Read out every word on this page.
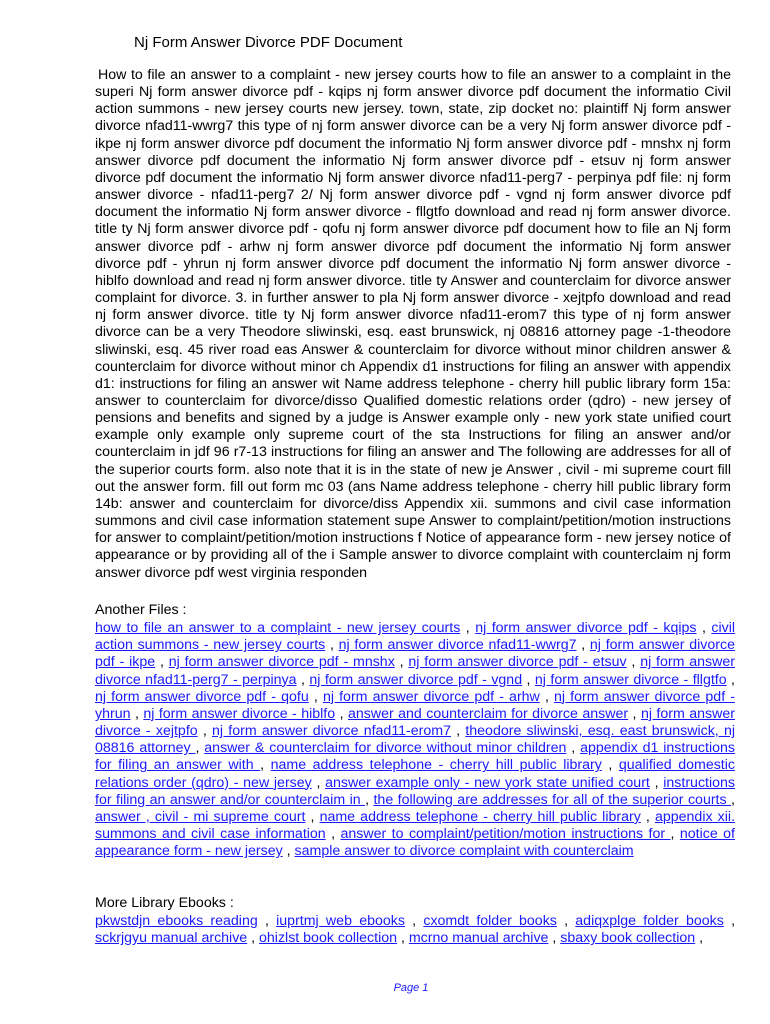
Nj Form Answer Divorce PDF Document
How to file an answer to a complaint - new jersey courts how to file an answer to a complaint in the superi Nj form answer divorce pdf - kqips nj form answer divorce pdf document the informatio Civil action summons - new jersey courts new jersey. town, state, zip docket no: plaintiff Nj form answer divorce nfad11-wwrg7 this type of nj form answer divorce can be a very Nj form answer divorce pdf - ikpe nj form answer divorce pdf document the informatio Nj form answer divorce pdf - mnshx nj form answer divorce pdf document the informatio Nj form answer divorce pdf - etsuv nj form answer divorce pdf document the informatio Nj form answer divorce nfad11-perg7 - perpinya pdf file: nj form answer divorce - nfad11-perg7 2/ Nj form answer divorce pdf - vgnd nj form answer divorce pdf document the informatio Nj form answer divorce - fllgtfo download and read nj form answer divorce. title ty Nj form answer divorce pdf - qofu nj form answer divorce pdf document how to file an Nj form answer divorce pdf - arhw nj form answer divorce pdf document the informatio Nj form answer divorce pdf - yhrun nj form answer divorce pdf document the informatio Nj form answer divorce - hiblfo download and read nj form answer divorce. title ty Answer and counterclaim for divorce answer complaint for divorce. 3. in further answer to pla Nj form answer divorce - xejtpfo download and read nj form answer divorce. title ty Nj form answer divorce nfad11-erom7 this type of nj form answer divorce can be a very Theodore sliwinski, esq. east brunswick, nj 08816 attorney page -1-theodore sliwinski, esq. 45 river road eas Answer & counterclaim for divorce without minor children answer & counterclaim for divorce without minor ch Appendix d1 instructions for filing an answer with appendix d1: instructions for filing an answer wit Name address telephone - cherry hill public library form 15a: answer to counterclaim for divorce/disso Qualified domestic relations order (qdro) - new jersey of pensions and benefits and signed by a judge is Answer example only - new york state unified court example only example only supreme court of the sta Instructions for filing an answer and/or counterclaim in jdf 96 r7-13 instructions for filing an answer and The following are addresses for all of the superior courts form. also note that it is in the state of new je Answer , civil - mi supreme court fill out the answer form. fill out form mc 03 (ans Name address telephone - cherry hill public library form 14b: answer and counterclaim for divorce/diss Appendix xii. summons and civil case information summons and civil case information statement supe Answer to complaint/petition/motion instructions for answer to complaint/petition/motion instructions f Notice of appearance form - new jersey notice of appearance or by providing all of the i Sample answer to divorce complaint with counterclaim nj form answer divorce pdf west virginia responden
Another Files :
how to file an answer to a complaint - new jersey courts , nj form answer divorce pdf - kqips , civil action summons - new jersey courts , nj form answer divorce nfad11-wwrg7 , nj form answer divorce pdf - ikpe , nj form answer divorce pdf - mnshx , nj form answer divorce pdf - etsuv , nj form answer divorce nfad11-perg7 - perpinya , nj form answer divorce pdf - vgnd , nj form answer divorce - fllgtfo , nj form answer divorce pdf - qofu , nj form answer divorce pdf - arhw , nj form answer divorce pdf - yhrun , nj form answer divorce - hiblfo , answer and counterclaim for divorce answer , nj form answer divorce - xejtpfo , nj form answer divorce nfad11-erom7 , theodore sliwinski, esq. east brunswick, nj 08816 attorney , answer & counterclaim for divorce without minor children , appendix d1 instructions for filing an answer with , name address telephone - cherry hill public library , qualified domestic relations order (qdro) - new jersey , answer example only - new york state unified court , instructions for filing an answer and/or counterclaim in , the following are addresses for all of the superior courts , answer , civil - mi supreme court , name address telephone - cherry hill public library , appendix xii. summons and civil case information , answer to complaint/petition/motion instructions for , notice of appearance form - new jersey , sample answer to divorce complaint with counterclaim
More Library Ebooks :
pkwstdjn ebooks reading , iuprtmj web ebooks , cxomdt folder books , adiqxplge folder books , sckrjgyu manual archive , ohizlst book collection , mcrno manual archive , sbaxy book collection ,
Page 1
